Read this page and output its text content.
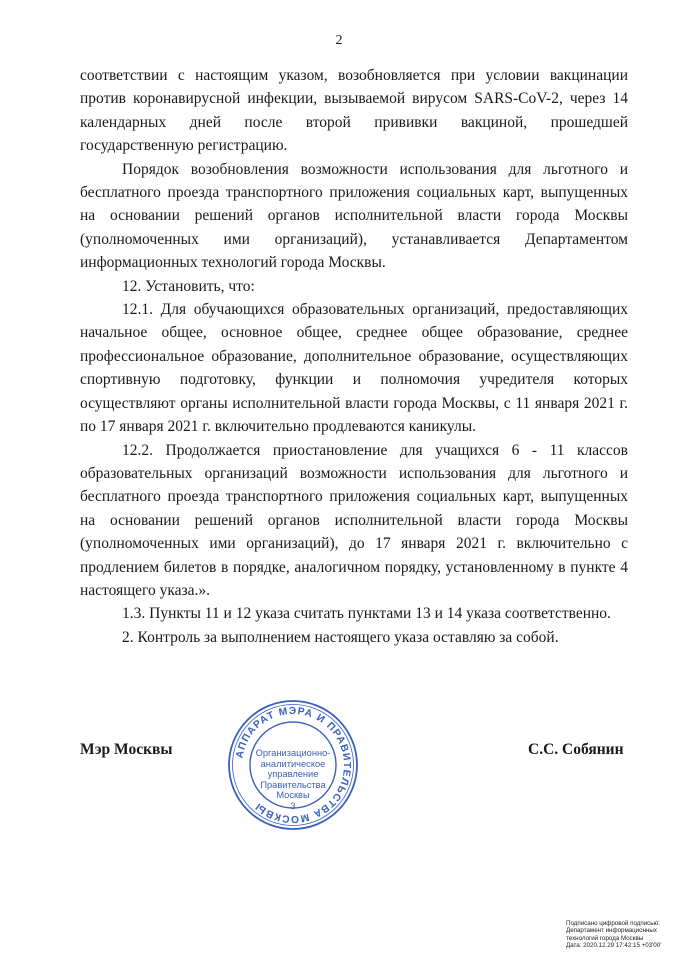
2

соответствии с настоящим указом, возобновляется при условии вакцинации против коронавирусной инфекции, вызываемой вирусом SARS-CoV-2, через 14 календарных дней после второй прививки вакциной, прошедшей государственную регистрацию.

Порядок возобновления возможности использования для льготного и бесплатного проезда транспортного приложения социальных карт, выпущенных на основании решений органов исполнительной власти города Москвы (уполномоченных ими организаций), устанавливается Департаментом информационных технологий города Москвы.

12. Установить, что:

12.1. Для обучающихся образовательных организаций, предоставляющих начальное общее, основное общее, среднее общее образование, среднее профессиональное образование, дополнительное образование, осуществляющих спортивную подготовку, функции и полномочия учредителя которых осуществляют органы исполнительной власти города Москвы, с 11 января 2021 г. по 17 января 2021 г. включительно продлеваются каникулы.

12.2. Продолжается приостановление для учащихся 6 - 11 классов образовательных организаций возможности использования для льготного и бесплатного проезда транспортного приложения социальных карт, выпущенных на основании решений органов исполнительной власти города Москвы (уполномоченных ими организаций), до 17 января 2021 г. включительно с продлением билетов в порядке, аналогичном порядку, установленному в пункте 4 настоящего указа.».

1.3. Пункты 11 и 12 указа считать пунктами 13 и 14 указа соответственно.

2. Контроль за выполнением настоящего указа оставляю за собой.

Мэр Москвы	С.С. Собянин
АППАРАТ МЭРА И ПРАВИТЕЛЬСТВА МОСКВЫ
Организационно-
аналитическое
управление
Правительства
Москвы
3
Подписано цифровой подписью:
Департамент информационных
технологий города Москвы
Дата: 2020.12.29 17:42:15 +03'00'
